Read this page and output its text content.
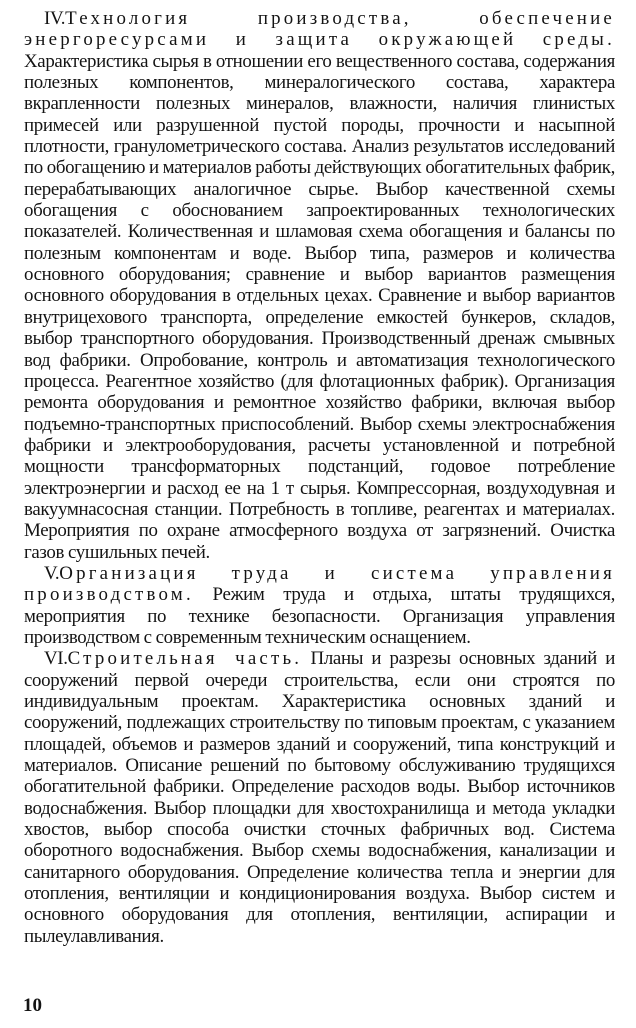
IV.Технология производства, обеспечение энергоресурсами и защита окружающей среды. Характеристика сырья в отношении его вещественного состава, содержания полезных компонентов, минералогического состава, характера вкрапленности полезных минералов, влажности, наличия глинистых примесей или разрушенной пустой породы, прочности и насыпной плотности, гранулометрического состава. Анализ результатов исследований по обогащению и материалов работы действующих обогатительных фабрик, перерабатывающих аналогичное сырье. Выбор качественной схемы обогащения с обоснованием запроектированных технологических показателей. Количественная и шламовая схема обогащения и балансы по полезным компонентам и воде. Выбор типа, размеров и количества основного оборудования; сравнение и выбор вариантов размещения основного оборудования в отдельных цехах. Сравнение и выбор вариантов внутрицехового транспорта, определение емкостей бункеров, складов, выбор транспортного оборудования. Производственный дренаж смывных вод фабрики. Опробование, контроль и автоматизация технологического процесса. Реагентное хозяйство (для флотационных фабрик). Организация ремонта оборудования и ремонтное хозяйство фабрики, включая выбор подъемно-транспортных приспособлений. Выбор схемы электроснабжения фабрики и электрооборудования, расчеты установленной и потребной мощности трансформаторных подстанций, годовое потребление электроэнергии и расход ее на 1 т сырья. Компрессорная, воздуходувная и вакуумнасосная станции. Потребность в топливе, реагентах и материалах. Мероприятия по охране атмосферного воздуха от загрязнений. Очистка газов сушильных печей.

V.Организация труда и система управления производством. Режим труда и отдыха, штаты трудящихся, мероприятия по технике безопасности. Организация управления производством с современным техническим оснащением.

VI.Строительная часть. Планы и разрезы основных зданий и сооружений первой очереди строительства, если они строятся по индивидуальным проектам. Характеристика основных зданий и сооружений, подлежащих строительству по типовым проектам, с указанием площадей, объемов и размеров зданий и сооружений, типа конструкций и материалов. Описание решений по бытовому обслуживанию трудящихся обогатительной фабрики. Определение расходов воды. Выбор источников водоснабжения. Выбор площадки для хвостохранилища и метода укладки хвостов, выбор способа очистки сточных фабричных вод. Система оборотного водоснабжения. Выбор схемы водоснабжения, канализации и санитарного оборудования. Определение количества тепла и энергии для отопления, вентиляции и кондиционирования воздуха. Выбор систем и основного оборудования для отопления, вентиляции, аспирации и пылеулавливания.

10
